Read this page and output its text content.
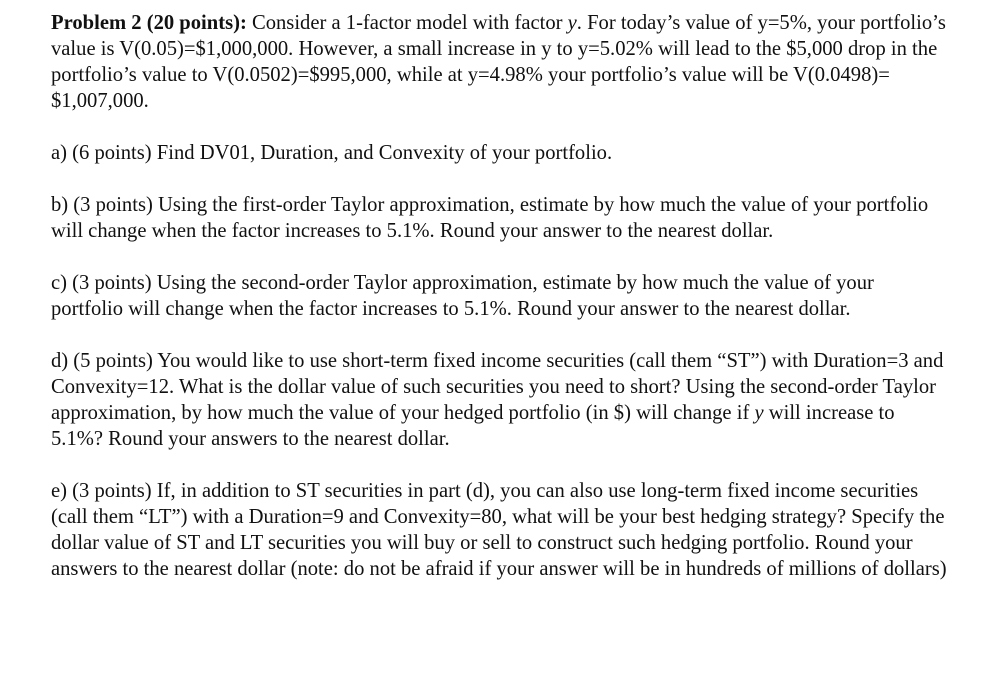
Problem 2 (20 points): Consider a 1-factor model with factor y. For today’s value of y=5%, your portfolio’s value is V(0.05)=$1,000,000. However, a small increase in y to y=5.02% will lead to the $5,000 drop in the portfolio’s value to V(0.0502)=$995,000, while at y=4.98% your portfolio’s value will be V(0.0498)= $1,007,000.

a) (6 points) Find DV01, Duration, and Convexity of your portfolio.

b) (3 points) Using the first-order Taylor approximation, estimate by how much the value of your portfolio will change when the factor increases to 5.1%. Round your answer to the nearest dollar.

c) (3 points) Using the second-order Taylor approximation, estimate by how much the value of your portfolio will change when the factor increases to 5.1%. Round your answer to the nearest dollar.

d) (5 points) You would like to use short-term fixed income securities (call them “ST”) with Duration=3 and Convexity=12. What is the dollar value of such securities you need to short? Using the second-order Taylor approximation, by how much the value of your hedged portfolio (in $) will change if y will increase to 5.1%? Round your answers to the nearest dollar.

e) (3 points) If, in addition to ST securities in part (d), you can also use long-term fixed income securities (call them “LT”) with a Duration=9 and Convexity=80, what will be your best hedging strategy? Specify the dollar value of ST and LT securities you will buy or sell to construct such hedging portfolio. Round your answers to the nearest dollar (note: do not be afraid if your answer will be in hundreds of millions of dollars)
